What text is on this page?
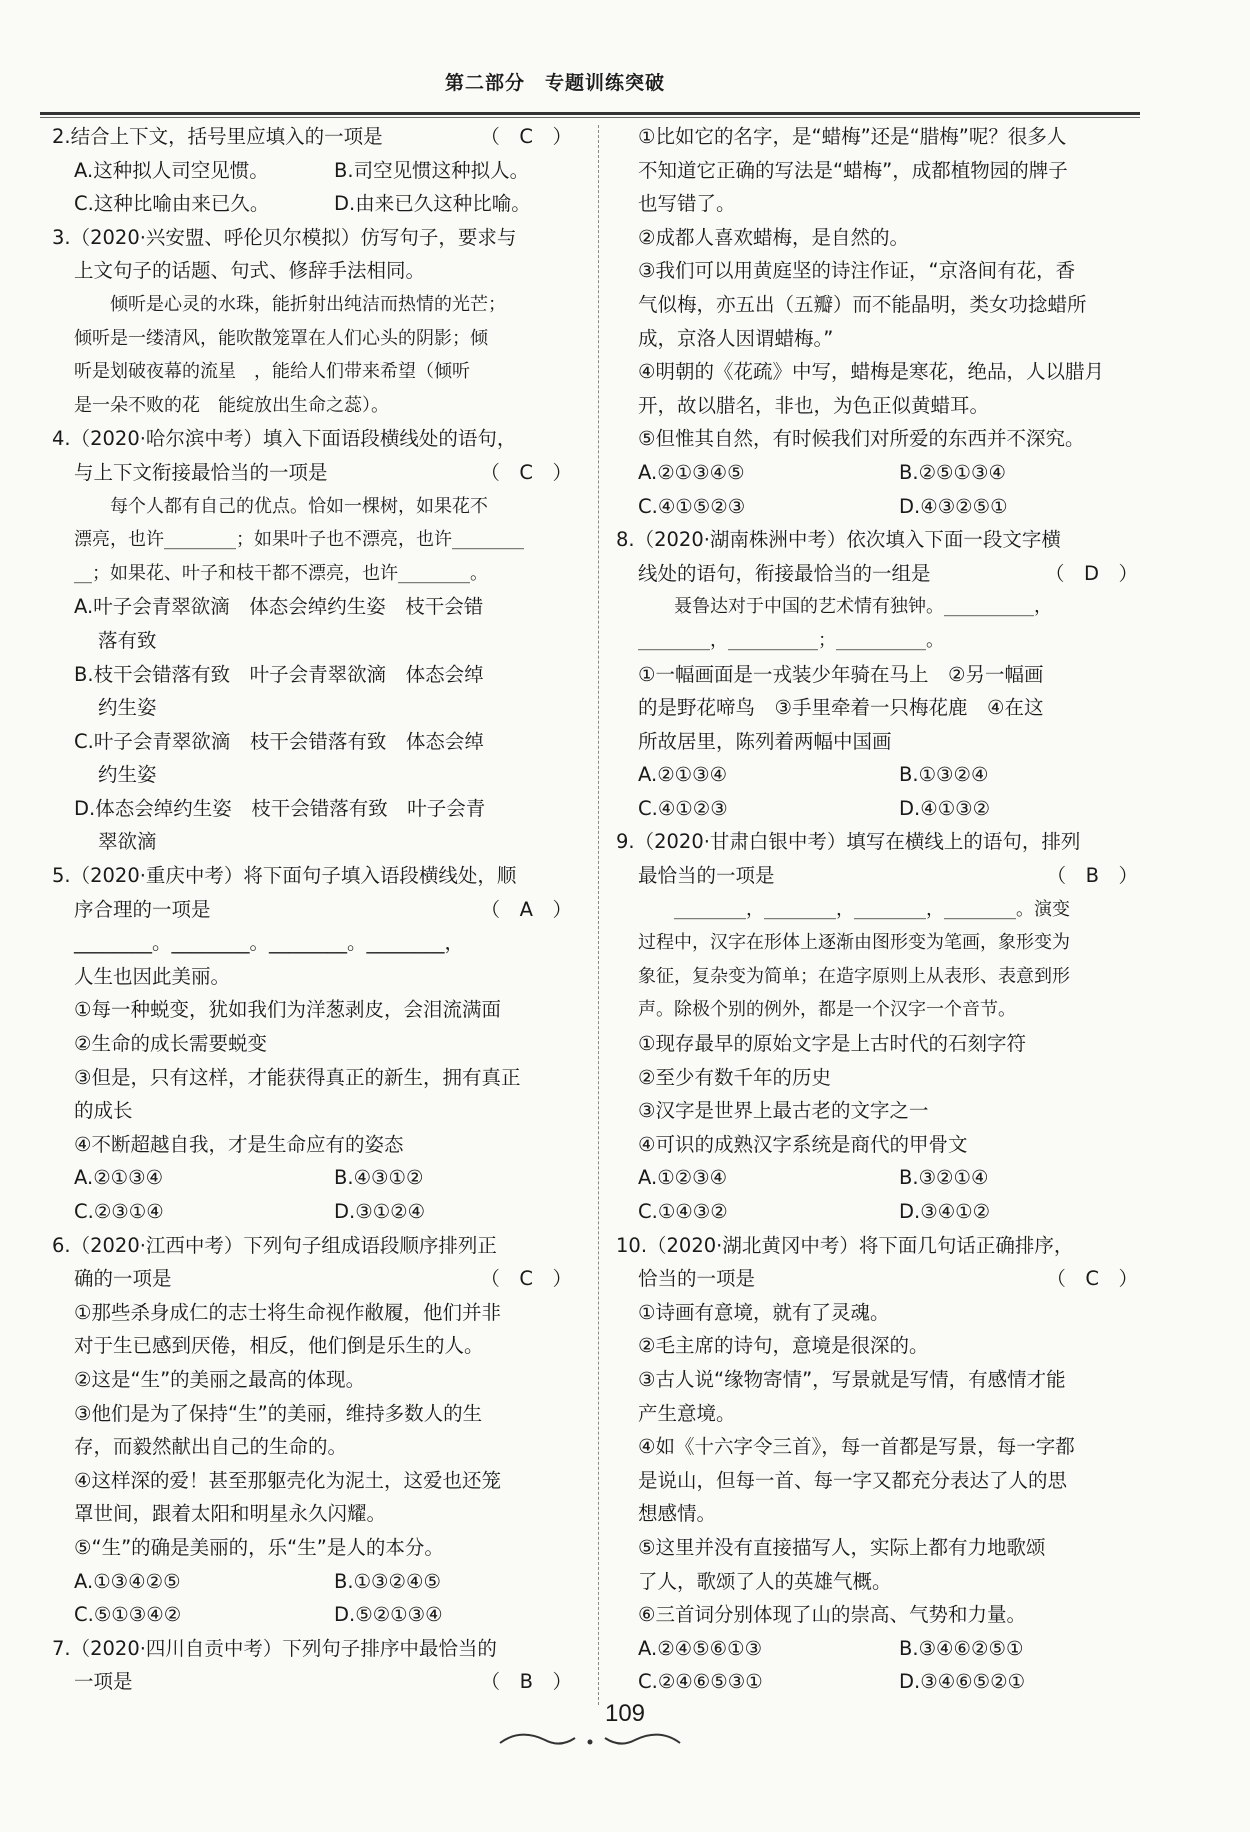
第二部分　专题训练突破
2.结合上下文，括号里应填入的一项是	（　C　）
A.这种拟人司空见惯。	B.司空见惯这种拟人。
C.这种比喻由来已久。	D.由来已久这种比喻。
3.（2020·兴安盟、呼伦贝尔模拟）仿写句子，要求与
上文句子的话题、句式、修辞手法相同。
倾听是心灵的水珠，能折射出纯洁而热情的光芒；
倾听是一缕清风，能吹散笼罩在人们心头的阴影；倾
听是划破夜幕的流星　，能给人们带来希望（倾听
是一朵不败的花　能绽放出生命之蕊）。
4.（2020·哈尔滨中考）填入下面语段横线处的语句，
与上下文衔接最恰当的一项是	（　C　）
每个人都有自己的优点。恰如一棵树，如果花不
漂亮，也许________；如果叶子也不漂亮，也许________
__；如果花、叶子和枝干都不漂亮，也许________。
A.叶子会青翠欲滴　体态会绰约生姿　枝干会错
落有致
B.枝干会错落有致　叶子会青翠欲滴　体态会绰
约生姿
C.叶子会青翠欲滴　枝干会错落有致　体态会绰
约生姿
D.体态会绰约生姿　枝干会错落有致　叶子会青
翠欲滴
5.（2020·重庆中考）将下面句子填入语段横线处，顺
序合理的一项是	（　A　）
________。________。________。________，
人生也因此美丽。
①每一种蜕变，犹如我们为洋葱剥皮，会泪流满面
②生命的成长需要蜕变
③但是，只有这样，才能获得真正的新生，拥有真正
的成长
④不断超越自我，才是生命应有的姿态
A.②①③④	B.④③①②
C.②③①④	D.③①②④
6.（2020·江西中考）下列句子组成语段顺序排列正
确的一项是	（　C　）
①那些杀身成仁的志士将生命视作敝履，他们并非
对于生已感到厌倦，相反，他们倒是乐生的人。
②这是“生”的美丽之最高的体现。
③他们是为了保持“生”的美丽，维持多数人的生
存，而毅然献出自己的生命的。
④这样深的爱！甚至那躯壳化为泥土，这爱也还笼
罩世间，跟着太阳和明星永久闪耀。
⑤“生”的确是美丽的，乐“生”是人的本分。
A.①③④②⑤	B.①③②④⑤
C.⑤①③④②	D.⑤②①③④
7.（2020·四川自贡中考）下列句子排序中最恰当的
一项是	（　B　）
①比如它的名字，是“蜡梅”还是“腊梅”呢？很多人
不知道它正确的写法是“蜡梅”，成都植物园的牌子
也写错了。
②成都人喜欢蜡梅，是自然的。
③我们可以用黄庭坚的诗注作证，“京洛间有花，香
气似梅，亦五出（五瓣）而不能晶明，类女功捻蜡所
成，京洛人因谓蜡梅。”
④明朝的《花疏》中写，蜡梅是寒花，绝品，人以腊月
开，故以腊名，非也，为色正似黄蜡耳。
⑤但惟其自然，有时候我们对所爱的东西并不深究。
A.②①③④⑤	B.②⑤①③④
C.④①⑤②③	D.④③②⑤①
8.（2020·湖南株洲中考）依次填入下面一段文字横
线处的语句，衔接最恰当的一组是	（　D　）
聂鲁达对于中国的艺术情有独钟。__________，
________，__________；__________。
①一幅画面是一戎装少年骑在马上　②另一幅画
的是野花啼鸟　③手里牵着一只梅花鹿　④在这
所故居里，陈列着两幅中国画
A.②①③④	B.①③②④
C.④①②③	D.④①③②
9.（2020·甘肃白银中考）填写在横线上的语句，排列
最恰当的一项是	（　B　）
________，________，________，________。演变
过程中，汉字在形体上逐渐由图形变为笔画，象形变为
象征，复杂变为简单；在造字原则上从表形、表意到形
声。除极个别的例外，都是一个汉字一个音节。
①现存最早的原始文字是上古时代的石刻字符
②至少有数千年的历史
③汉字是世界上最古老的文字之一
④可识的成熟汉字系统是商代的甲骨文
A.①②③④	B.③②①④
C.①④③②	D.③④①②
10.（2020·湖北黄冈中考）将下面几句话正确排序，
恰当的一项是	（　C　）
①诗画有意境，就有了灵魂。
②毛主席的诗句，意境是很深的。
③古人说“缘物寄情”，写景就是写情，有感情才能
产生意境。
④如《十六字令三首》，每一首都是写景，每一字都
是说山，但每一首、每一字又都充分表达了人的思
想感情。
⑤这里并没有直接描写人，实际上都有力地歌颂
了人，歌颂了人的英雄气概。
⑥三首词分别体现了山的崇高、气势和力量。
A.②④⑤⑥①③	B.③④⑥②⑤①
C.②④⑥⑤③①	D.③④⑥⑤②①
109
